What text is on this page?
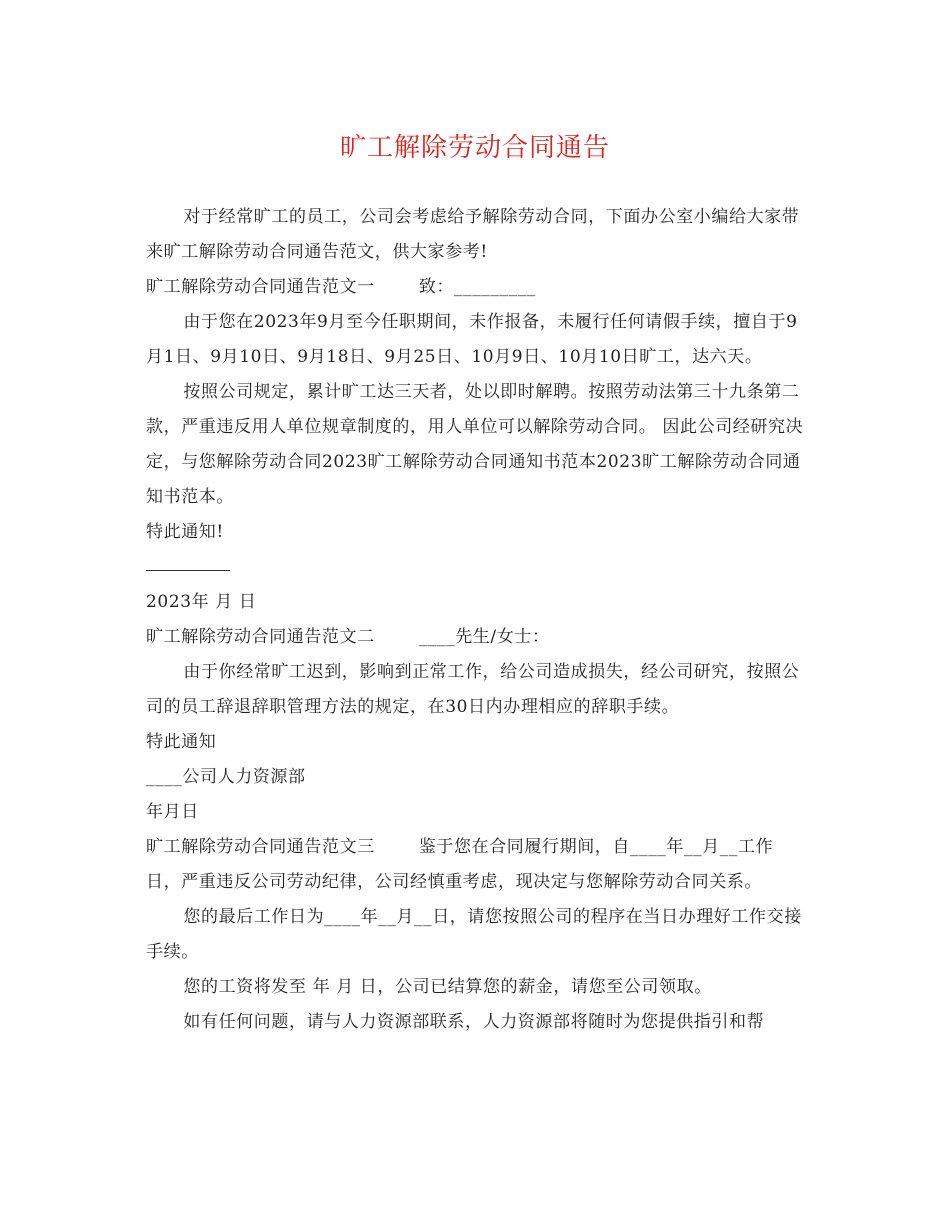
旷工解除劳动合同通告

对于经常旷工的员工，公司会考虑给予解除劳动合同，下面办公室小编给大家带来旷工解除劳动合同通告范文，供大家参考!

旷工解除劳动合同通告范文一	致：_________

由于您在2023年9月至今任职期间，未作报备，未履行任何请假手续，擅自于9月1日、9月10日、9月18日、9月25日、10月9日、10月10日旷工，达六天。

按照公司规定，累计旷工达三天者，处以即时解聘。按照劳动法第三十九条第二款，严重违反用人单位规章制度的，用人单位可以解除劳动合同。 因此公司经研究决定，与您解除劳动合同2023旷工解除劳动合同通知书范本2023旷工解除劳动合同通知书范本。

特此通知!

2023年 月 日

旷工解除劳动合同通告范文二	____先生/女士：

由于你经常旷工迟到，影响到正常工作，给公司造成损失，经公司研究，按照公司的员工辞退辞职管理方法的规定，在30日内办理相应的辞职手续。

特此通知

____公司人力资源部

年月日

旷工解除劳动合同通告范文三	鉴于您在合同履行期间，自____年__月__工作日，严重违反公司劳动纪律，公司经慎重考虑，现决定与您解除劳动合同关系。

您的最后工作日为____年__月__日，请您按照公司的程序在当日办理好工作交接手续。

您的工资将发至 年 月 日，公司已结算您的薪金，请您至公司领取。

如有任何问题，请与人力资源部联系，人力资源部将随时为您提供指引和帮
